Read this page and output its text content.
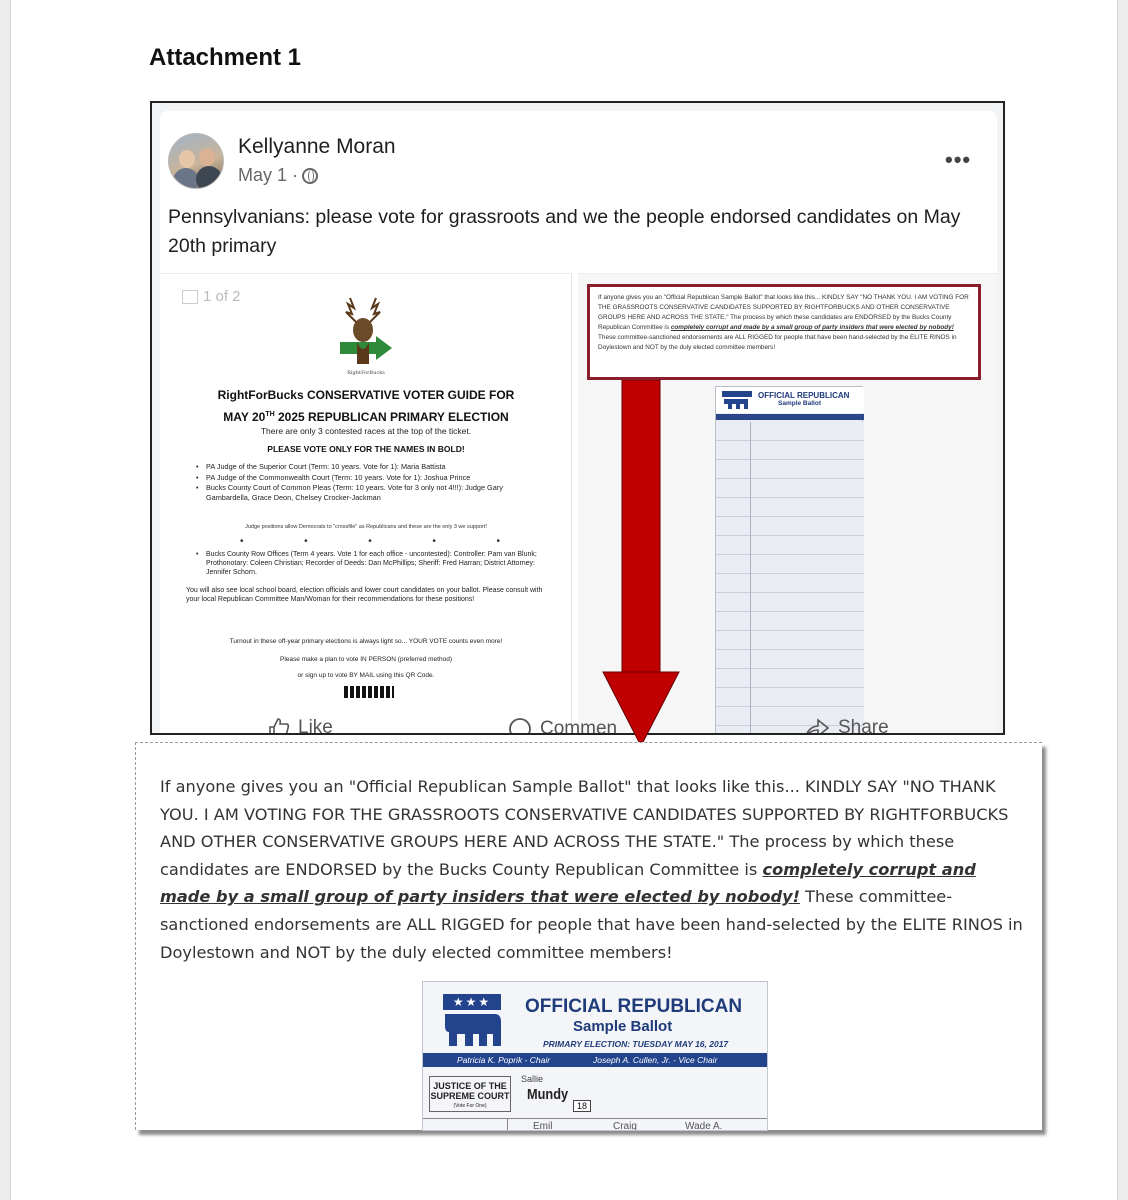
Attachment 1
Kellyanne Moran
May 1 ·
•••
Pennsylvanians: please vote for grassroots and we the people endorsed candidates on May 20th primary
1 of 2
RightForBucks
RightForBucks CONSERVATIVE VOTER GUIDE FOR
MAY 20TH 2025 REPUBLICAN PRIMARY ELECTION
There are only 3 contested races at the top of the ticket.
PLEASE VOTE ONLY FOR THE NAMES IN BOLD!
• PA Judge of the Superior Court (Term: 10 years. Vote for 1): Maria Battista
• PA Judge of the Commonwealth Court (Term: 10 years. Vote for 1): Joshua Prince
• Bucks County Court of Common Pleas (Term: 10 years. Vote for 3 only not 4!!!): Judge Gary Gambardella, Grace Deon, Chelsey Crocker-Jackman
Judge positions allow Democrats to "crossfile" as Republicans and these are the only 3 we support!
•	•	•	•	•
• Bucks County Row Offices (Term 4 years. Vote 1 for each office - uncontested): Controller: Pam van Blunk; Prothonotary: Coleen Christian; Recorder of Deeds: Dan McPhillips; Sheriff: Fred Harran; District Attorney: Jennifer Schorn.
You will also see local school board, election officials and lower court candidates on your ballot. Please consult with your local Republican Committee Man/Woman for their recommendations for these positions!
Turnout in these off-year primary elections is always light so... YOUR VOTE counts even more!
Please make a plan to vote IN PERSON (preferred method)
or sign up to vote BY MAIL using this QR Code.
If anyone gives you an "Official Republican Sample Ballot" that looks like this... KINDLY SAY "NO THANK YOU. I AM VOTING FOR THE GRASSROOTS CONSERVATIVE CANDIDATES SUPPORTED BY RIGHTFORBUCKS AND OTHER CONSERVATIVE GROUPS HERE AND ACROSS THE STATE." The process by which these candidates are ENDORSED by the Bucks County Republican Committee is completely corrupt and made by a small group of party insiders that were elected by nobody! These committee-sanctioned endorsements are ALL RIGGED for people that have been hand-selected by the ELITE RINOS in Doylestown and NOT by the duly elected committee members!
OFFICIAL REPUBLICAN
Sample Ballot
Like	Commen	Share
If anyone gives you an "Official Republican Sample Ballot" that looks like this... KINDLY SAY "NO THANK YOU. I AM VOTING FOR THE GRASSROOTS CONSERVATIVE CANDIDATES SUPPORTED BY RIGHTFORBUCKS AND OTHER CONSERVATIVE GROUPS HERE AND ACROSS THE STATE." The process by which these candidates are ENDORSED by the Bucks County Republican Committee is completely corrupt and made by a small group of party insiders that were elected by nobody! These committee-sanctioned endorsements are ALL RIGGED for people that have been hand-selected by the ELITE RINOS in Doylestown and NOT by the duly elected committee members!
★★★	OFFICIAL REPUBLICAN
Sample Ballot
PRIMARY ELECTION: TUESDAY MAY 16, 2017
Patricia K. Poprik - Chair	Joseph A. Cullen, Jr. - Vice Chair
JUSTICE OF THE SUPREME COURT
(Vote For One)
Sallie
Mundy
18
Emil	Craig	Wade A.
